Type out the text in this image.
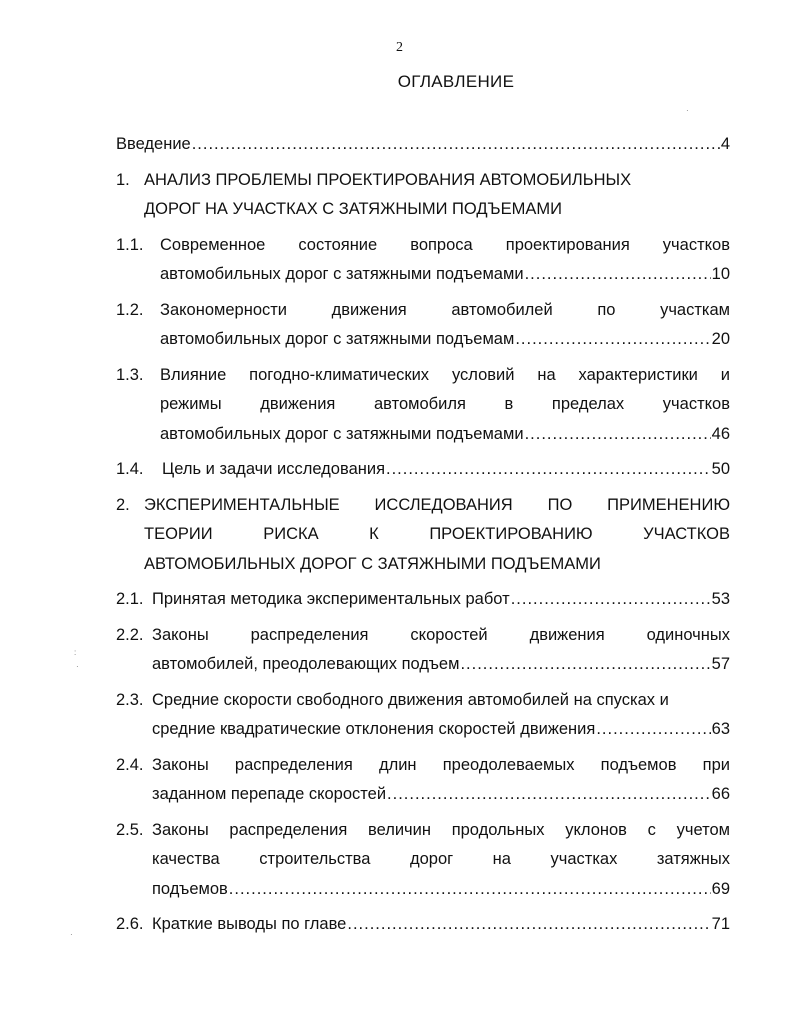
2
ОГЛАВЛЕНИЕ
Введение .....	4
1. АНАЛИЗ ПРОБЛЕМЫ ПРОЕКТИРОВАНИЯ АВТОМОБИЛЬНЫХ
ДОРОГ НА УЧАСТКАХ С ЗАТЯЖНЫМИ ПОДЪЕМАМИ
1.1. Современное состояние вопроса проектирования участков
автомобильных дорог с затяжными подъемами .....	10
1.2. Закономерности движения автомобилей по участкам
автомобильных дорог с затяжными подъемам .....	20
1.3. Влияние погодно-климатических условий на характеристики и
режимы движения автомобиля в пределах участков
автомобильных дорог с затяжными подъемами .....	46
1.4.	Цель и задачи исследования .....	50
2. ЭКСПЕРИМЕНТАЛЬНЫЕ ИССЛЕДОВАНИЯ ПО ПРИМЕНЕНИЮ
ТЕОРИИ РИСКА К ПРОЕКТИРОВАНИЮ УЧАСТКОВ
АВТОМОБИЛЬНЫХ ДОРОГ С ЗАТЯЖНЫМИ ПОДЪЕМАМИ
2.1. Принятая методика экспериментальных работ .....	53
2.2. Законы распределения скоростей движения одиночных
автомобилей, преодолевающих подъем .....	57
2.3. Средние скорости свободного движения автомобилей на спусках и
средние квадратические отклонения скоростей движения .....	63
2.4. Законы распределения длин преодолеваемых подъемов при
заданном перепаде скоростей .....	66
2.5. Законы распределения величин продольных уклонов с учетом
качества строительства дорог на участках затяжных
подъемов .....	69
2.6. Краткие выводы по главе .....	71
·
:
·
·
